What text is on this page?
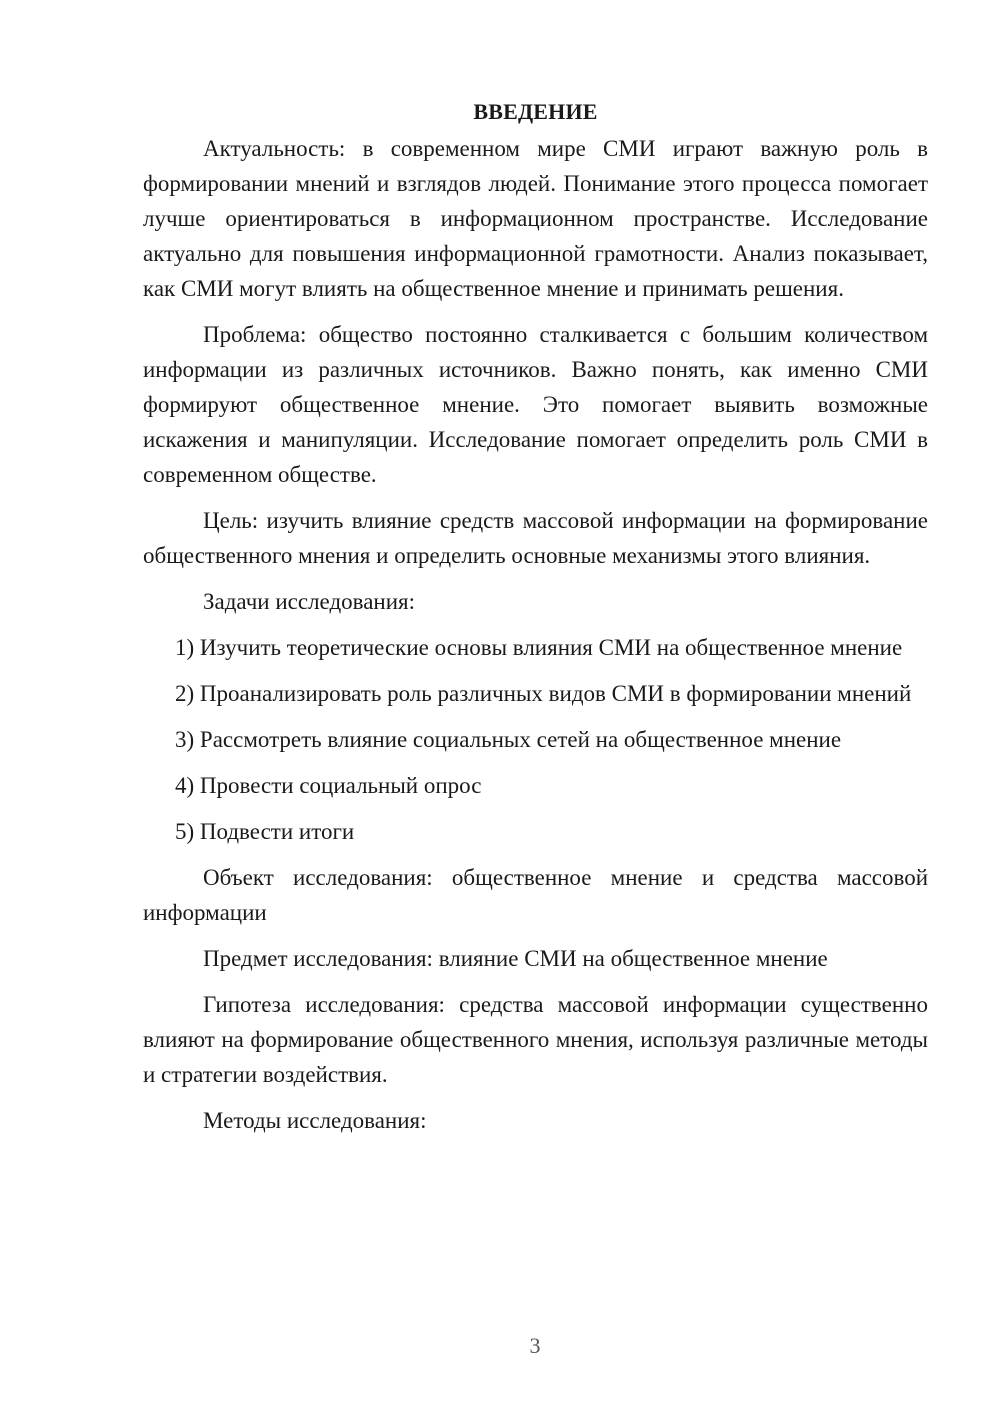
ВВЕДЕНИЕ

Актуальность: в современном мире СМИ играют важную роль в формировании мнений и взглядов людей. Понимание этого процесса помогает лучше ориентироваться в информационном пространстве. Исследование актуально для повышения информационной грамотности. Анализ показывает, как СМИ могут влиять на общественное мнение и принимать решения.

Проблема: общество постоянно сталкивается с большим количеством информации из различных источников. Важно понять, как именно СМИ формируют общественное мнение. Это помогает выявить возможные искажения и манипуляции. Исследование помогает определить роль СМИ в современном обществе.

Цель: изучить влияние средств массовой информации на формирование общественного мнения и определить основные механизмы этого влияния.

Задачи исследования:

1) Изучить теоретические основы влияния СМИ на общественное мнение

2) Проанализировать роль различных видов СМИ в формировании мнений

3) Рассмотреть влияние социальных сетей на общественное мнение

4) Провести социальный опрос

5) Подвести итоги

Объект исследования: общественное мнение и средства массовой информации

Предмет исследования: влияние СМИ на общественное мнение

Гипотеза исследования: средства массовой информации существенно влияют на формирование общественного мнения, используя различные методы и стратегии воздействия.

Методы исследования:

3
